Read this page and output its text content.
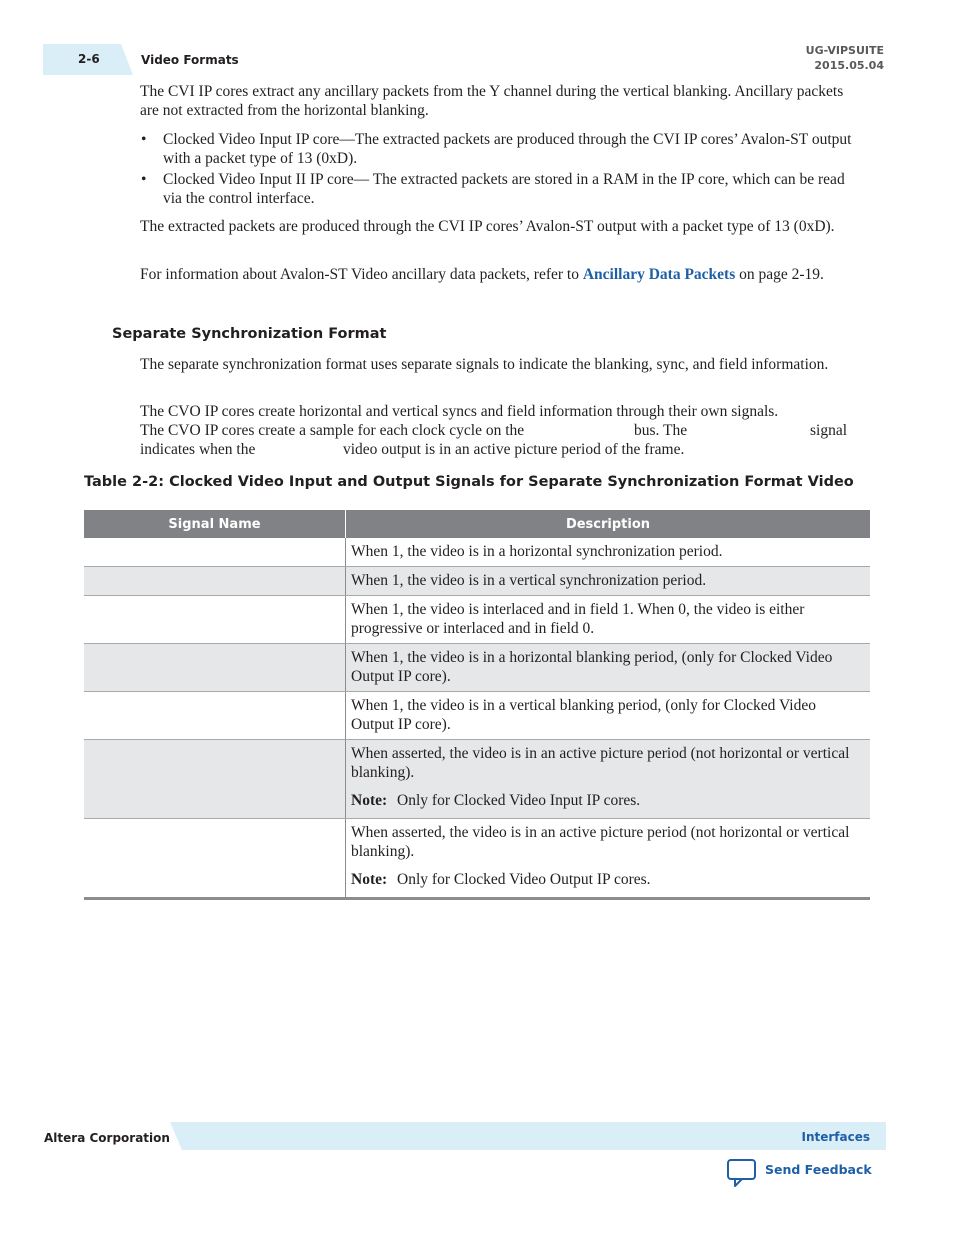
2-6	Video Formats
UG-VIPSUITE
2015.05.04
The CVI IP cores extract any ancillary packets from the Y channel during the vertical blanking. Ancillary packets are not extracted from the horizontal blanking.
• Clocked Video Input IP core—The extracted packets are produced through the CVI IP cores’ Avalon-ST output with a packet type of 13 (0xD).
• Clocked Video Input II IP core— The extracted packets are stored in a RAM in the IP core, which can be read via the control interface.
The extracted packets are produced through the CVI IP cores’ Avalon-ST output with a packet type of 13 (0xD).
For information about Avalon-ST Video ancillary data packets, refer to Ancillary Data Packets on page 2-19.
Separate Synchronization Format
The separate synchronization format uses separate signals to indicate the blanking, sync, and field information.
The CVO IP cores create horizontal and vertical syncs and field information through their own signals.
The CVO IP cores create a sample for each clock cycle on the	bus. The	signal
indicates when the	video output is in an active picture period of the frame.
Table 2-2: Clocked Video Input and Output Signals for Separate Synchronization Format Video
Signal Name	Description

	When 1, the video is in a horizontal synchronization period.

	When 1, the video is in a vertical synchronization period.

	When 1, the video is interlaced and in field 1. When 0, the video is either progressive or interlaced and in field 0.

	When 1, the video is in a horizontal blanking period, (only for Clocked Video Output IP core).

	When 1, the video is in a vertical blanking period, (only for Clocked Video Output IP core).

	When asserted, the video is in an active picture period (not horizontal or vertical blanking).
Note: Only for Clocked Video Input IP cores.

	When asserted, the video is in an active picture period (not horizontal or vertical blanking).
Note: Only for Clocked Video Output IP cores.
Altera Corporation	Interfaces
Send Feedback
